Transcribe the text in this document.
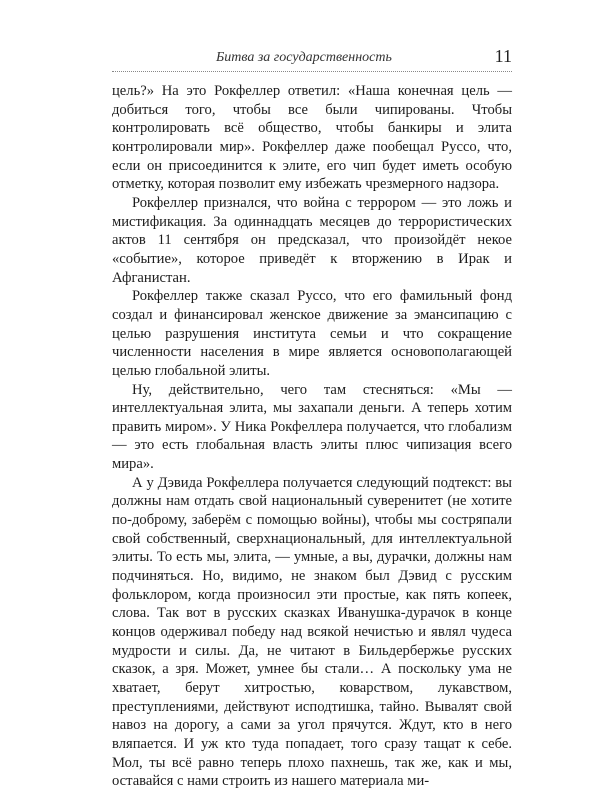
Битва за государственность	11

цель?» На это Рокфеллер ответил: «Наша конечная цель — добиться того, чтобы все были чипированы. Чтобы контролировать всё общество, чтобы банкиры и элита контролировали мир». Рокфеллер даже пообещал Руссо, что, если он присоединится к элите, его чип будет иметь особую отметку, которая позволит ему избежать чрезмерного надзора.

Рокфеллер признался, что война с террором — это ложь и мистификация. За одиннадцать месяцев до террористических актов 11 сентября он предсказал, что произойдёт некое «событие», которое приведёт к вторжению в Ирак и Афганистан.

Рокфеллер также сказал Руссо, что его фамильный фонд создал и финансировал женское движение за эмансипацию с целью разрушения института семьи и что сокращение численности населения в мире является основополагающей целью глобальной элиты.

Ну, действительно, чего там стесняться: «Мы — интеллектуальная элита, мы захапали деньги. А теперь хотим править миром». У Ника Рокфеллера получается, что глобализм — это есть глобальная власть элиты плюс чипизация всего мира».

А у Дэвида Рокфеллера получается следующий подтекст: вы должны нам отдать свой национальный суверенитет (не хотите по-доброму, заберём с помощью войны), чтобы мы состряпали свой собственный, сверхнациональный, для интеллектуальной элиты. То есть мы, элита, — умные, а вы, дурачки, должны нам подчиняться. Но, видимо, не знаком был Дэвид с русским фольклором, когда произносил эти простые, как пять копеек, слова. Так вот в русских сказках Иванушка-дурачок в конце концов одерживал победу над всякой нечистью и являл чудеса мудрости и силы. Да, не читают в Бильдербержье русских сказок, а зря. Может, умнее бы стали… А поскольку ума не хватает, берут хитростью, коварством, лукавством, преступлениями, действуют исподтишка, тайно. Вывалят свой навоз на дорогу, а сами за угол прячутся. Ждут, кто в него вляпается. И уж кто туда попадает, того сразу тащат к себе. Мол, ты всё равно теперь плохо пахнешь, так же, как и мы, оставайся с нами строить из нашего материала ми-
